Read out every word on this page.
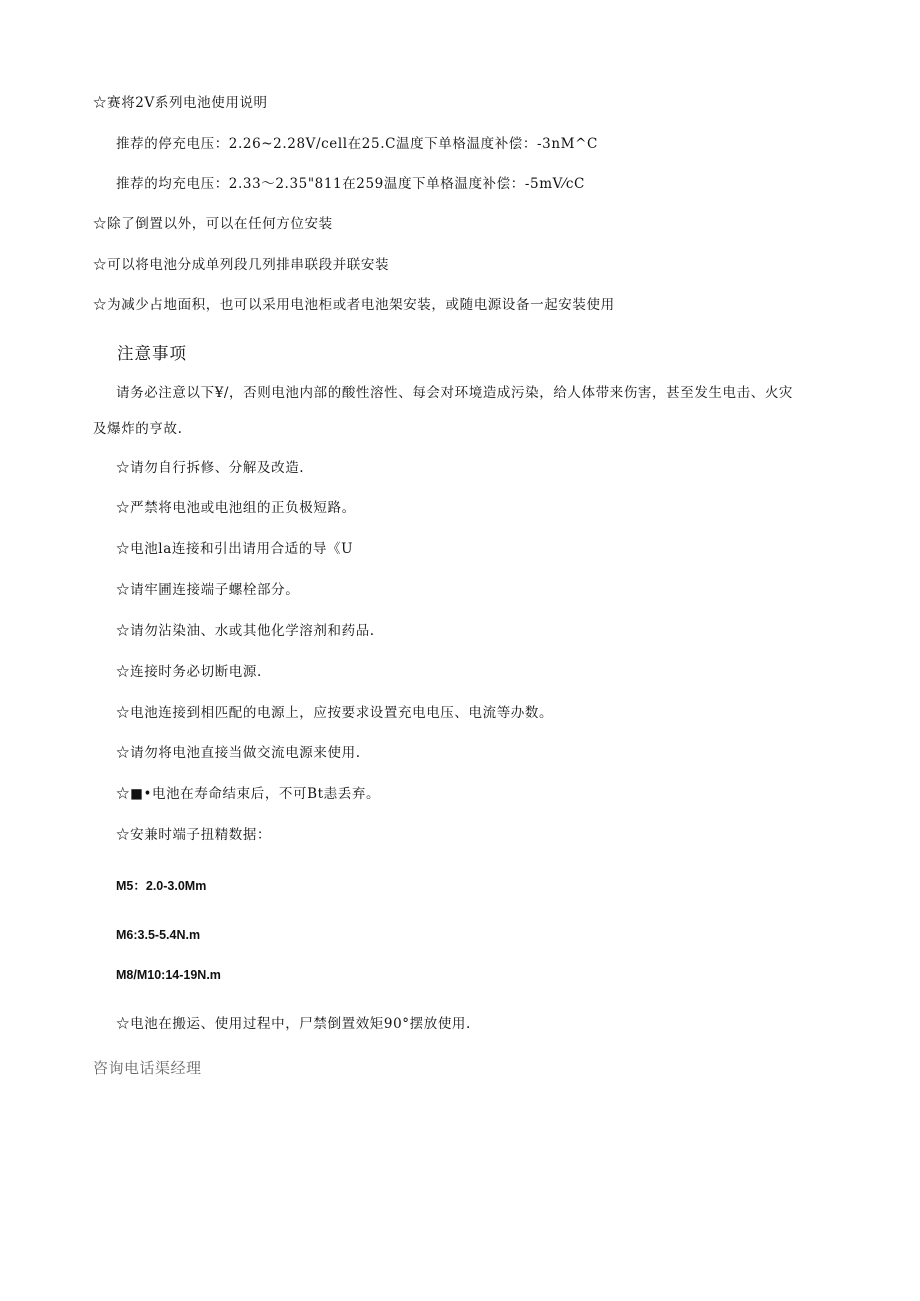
☆赛将2V系列电池使用说明
推荐的停充电压：2.26~2.28V/cell在25.C温度下单格温度补偿：-3nM^C
推荐的均充电压：2.33～2.35"811在259温度下单格温度补偿：-5mV⁄cC
☆除了倒置以外，可以在任何方位安装
☆可以将电池分成单列段几列排串联段并联安装
☆为减少占地面积，也可以采用电池柜或者电池架安装，或随电源设备一起安装使用
注意事项
请务必注意以下¥/，否则电池内部的酸性溶性、每会对环境造成污染，给人体带来伤害，甚至发生电击、火灾
及爆炸的亨故.
☆请勿自行拆修、分解及改造.
☆严禁将电池或电池组的正负极短路。
☆电池la连接和引出请用合适的导《U
☆请牢圃连接端子螺栓部分。
☆请勿沾染油、水或其他化学溶剂和药品.
☆连接时务必切断电源.
☆电池连接到相匹配的电源上，应按要求设置充电电压、电流等办数。
☆请勿将电池直接当做交流电源来使用.
☆■•电池在寿命结束后，不可Bt恚丢弃。
☆安兼时端子扭精数据：
M5：2.0-3.0Mm
M6:3.5-5.4N.m
M8/M10:14-19N.m
☆电池在搬运、使用过程中，尸禁倒置效矩90°摆放使用.
咨询电话渠经理
